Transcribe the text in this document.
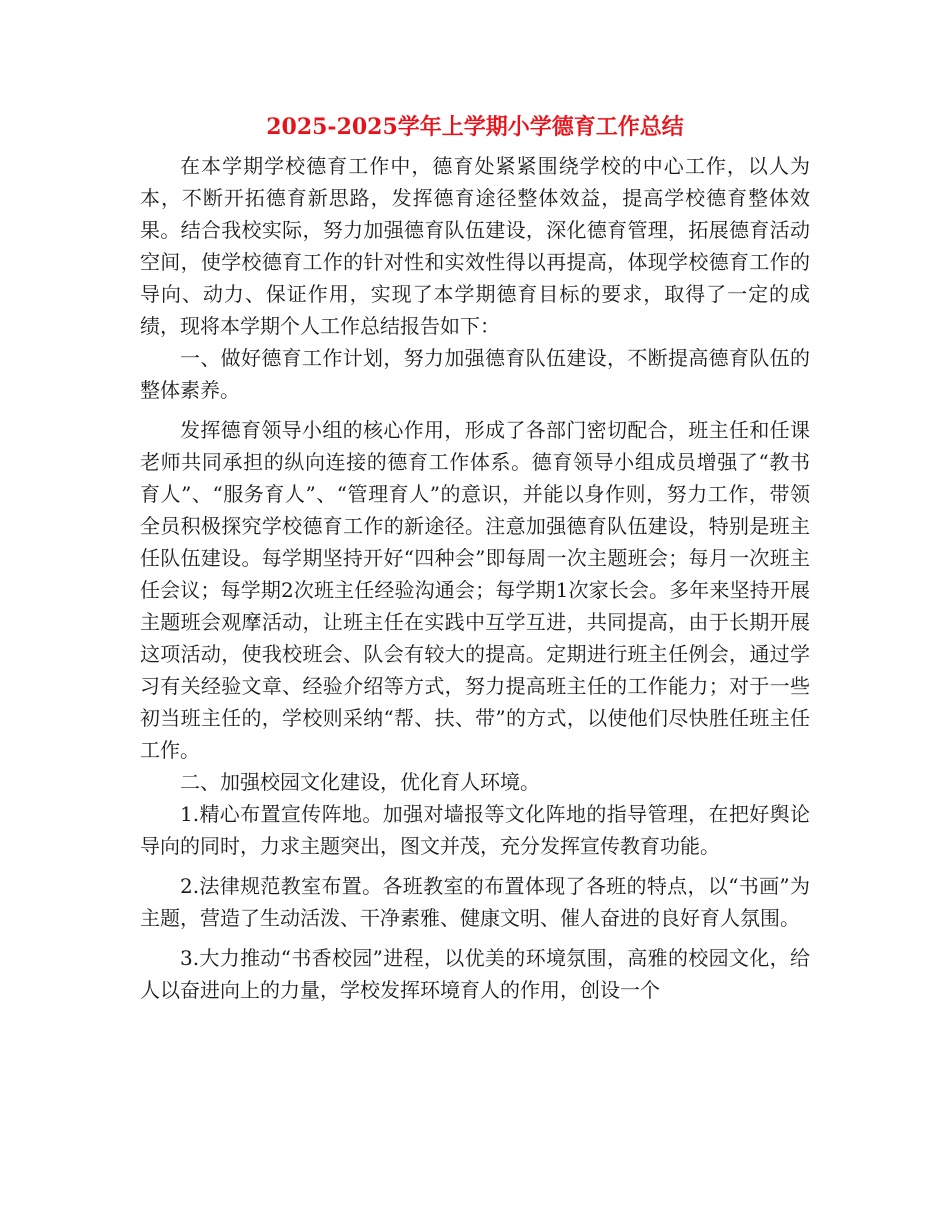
2025-2025学年上学期小学德育工作总结

在本学期学校德育工作中，德育处紧紧围绕学校的中心工作，以人为本，不断开拓德育新思路，发挥德育途径整体效益，提高学校德育整体效果。结合我校实际，努力加强德育队伍建设，深化德育管理，拓展德育活动空间，使学校德育工作的针对性和实效性得以再提高，体现学校德育工作的导向、动力、保证作用，实现了本学期德育目标的要求，取得了一定的成绩，现将本学期个人工作总结报告如下：

一、做好德育工作计划，努力加强德育队伍建设，不断提高德育队伍的整体素养。

发挥德育领导小组的核心作用，形成了各部门密切配合，班主任和任课老师共同承担的纵向连接的德育工作体系。德育领导小组成员增强了“教书育人”、“服务育人”、“管理育人”的意识，并能以身作则，努力工作，带领全员积极探究学校德育工作的新途径。注意加强德育队伍建设，特别是班主任队伍建设。每学期坚持开好“四种会”即每周一次主题班会；每月一次班主任会议；每学期2次班主任经验沟通会；每学期1次家长会。多年来坚持开展主题班会观摩活动，让班主任在实践中互学互进，共同提高，由于长期开展这项活动，使我校班会、队会有较大的提高。定期进行班主任例会，通过学习有关经验文章、经验介绍等方式，努力提高班主任的工作能力；对于一些初当班主任的，学校则采纳“帮、扶、带”的方式，以使他们尽快胜任班主任工作。

二、加强校园文化建设，优化育人环境。

1.精心布置宣传阵地。加强对墙报等文化阵地的指导管理，在把好舆论导向的同时，力求主题突出，图文并茂，充分发挥宣传教育功能。

2.法律规范教室布置。各班教室的布置体现了各班的特点，以“书画”为主题，营造了生动活泼、干净素雅、健康文明、催人奋进的良好育人氛围。

3.大力推动“书香校园”进程，以优美的环境氛围，高雅的校园文化，给人以奋进向上的力量，学校发挥环境育人的作用，创设一个
